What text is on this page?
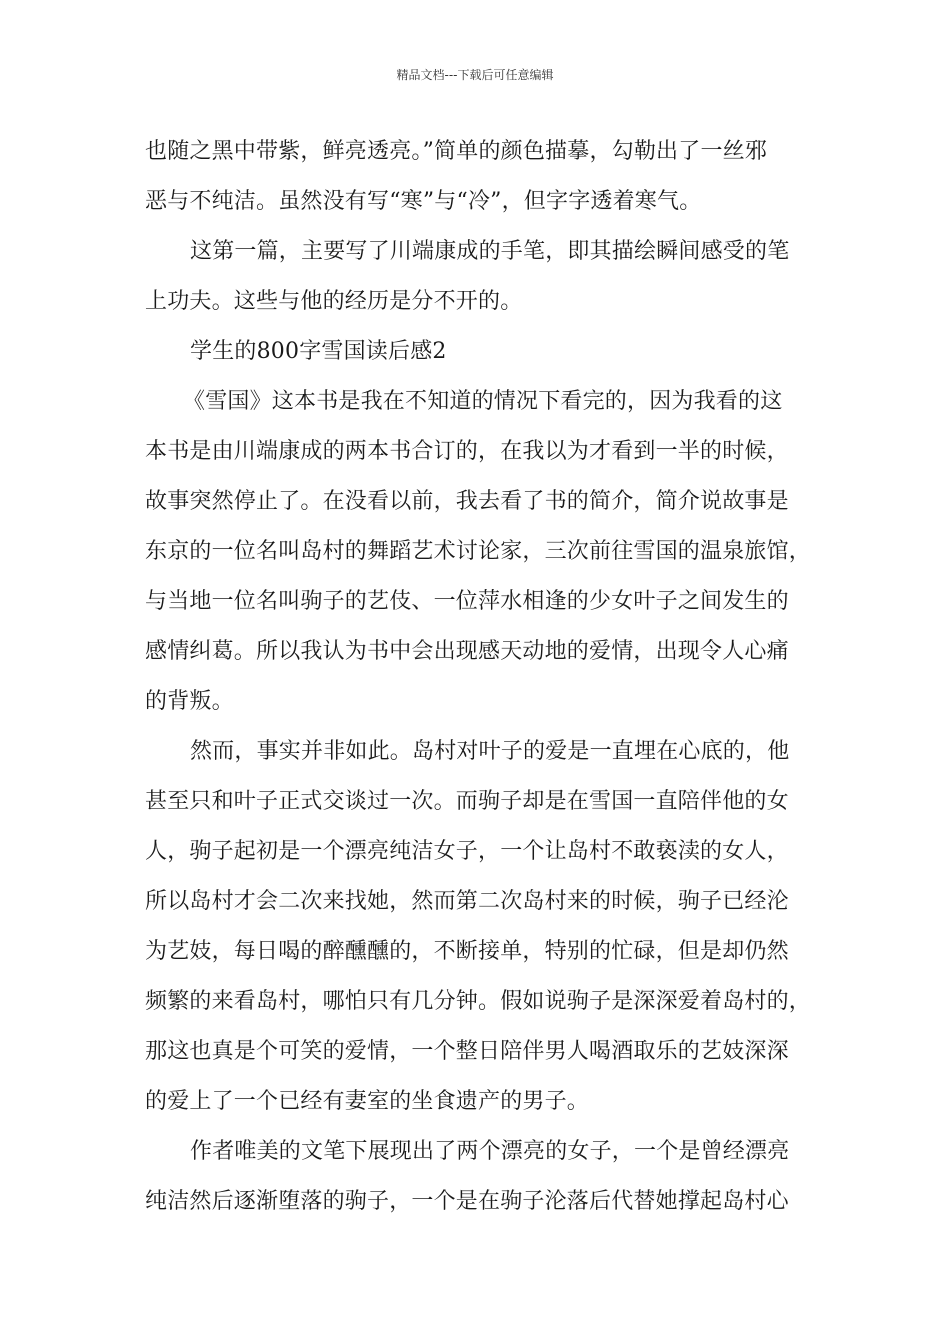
精品文档---下载后可任意编辑
也随之黑中带紫，鲜亮透亮。”简单的颜色描摹，勾勒出了一丝邪
恶与不纯洁。虽然没有写“寒”与“冷”，但字字透着寒气。
这第一篇，主要写了川端康成的手笔，即其描绘瞬间感受的笔
上功夫。这些与他的经历是分不开的。
学生的800字雪国读后感2
《雪国》这本书是我在不知道的情况下看完的，因为我看的这
本书是由川端康成的两本书合订的，在我以为才看到一半的时候，
故事突然停止了。在没看以前，我去看了书的简介，简介说故事是
东京的一位名叫岛村的舞蹈艺术讨论家，三次前往雪国的温泉旅馆，
与当地一位名叫驹子的艺伎、一位萍水相逢的少女叶子之间发生的
感情纠葛。所以我认为书中会出现感天动地的爱情，出现令人心痛
的背叛。
然而，事实并非如此。岛村对叶子的爱是一直埋在心底的，他
甚至只和叶子正式交谈过一次。而驹子却是在雪国一直陪伴他的女
人，驹子起初是一个漂亮纯洁女子，一个让岛村不敢亵渎的女人，
所以岛村才会二次来找她，然而第二次岛村来的时候，驹子已经沦
为艺妓，每日喝的醉醺醺的，不断接单，特别的忙碌，但是却仍然
频繁的来看岛村，哪怕只有几分钟。假如说驹子是深深爱着岛村的，
那这也真是个可笑的爱情，一个整日陪伴男人喝酒取乐的艺妓深深
的爱上了一个已经有妻室的坐食遗产的男子。
作者唯美的文笔下展现出了两个漂亮的女子，一个是曾经漂亮
纯洁然后逐渐堕落的驹子，一个是在驹子沦落后代替她撑起岛村心
